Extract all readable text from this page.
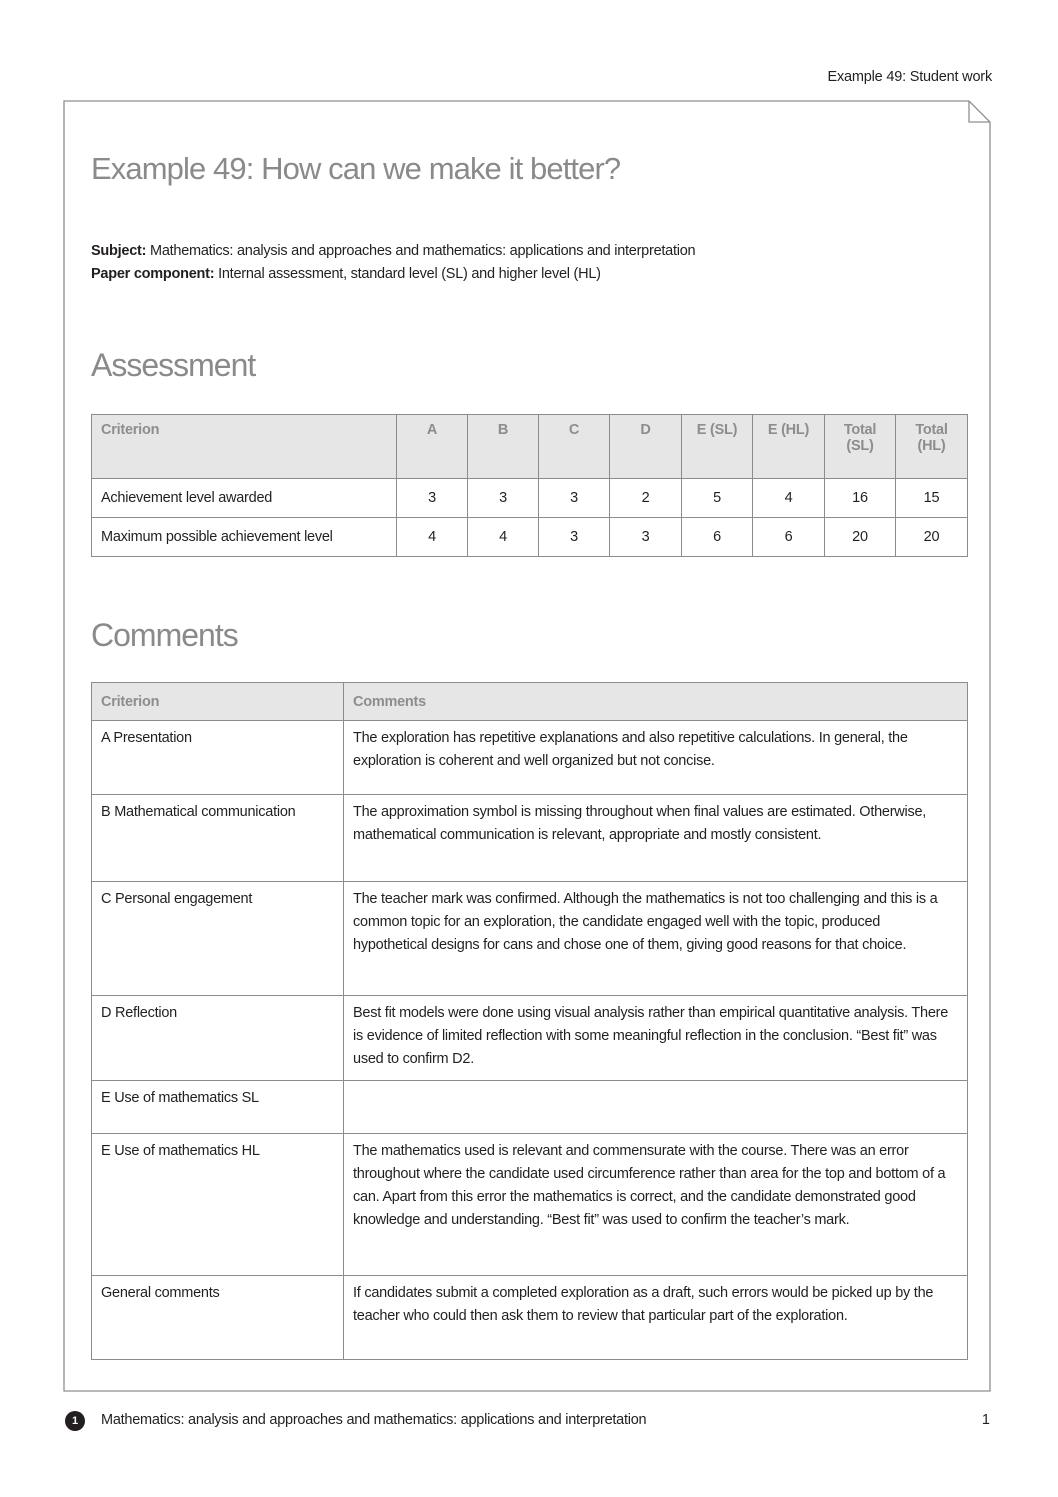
Example 49: Student work
Example 49: How can we make it better?
Subject: Mathematics: analysis and approaches and mathematics: applications and interpretation
Paper component: Internal assessment, standard level (SL) and higher level (HL)
Assessment
Criterion	A	B	C	D	E (SL)	E (HL)	Total (SL)	Total (HL)
Achievement level awarded	3	3	3	2	5	4	16	15
Maximum possible achievement level	4	4	3	3	6	6	20	20
Comments
Criterion	Comments
A Presentation	The exploration has repetitive explanations and also repetitive calculations. In general, the exploration is coherent and well organized but not concise.
B Mathematical communication	The approximation symbol is missing throughout when final values are estimated. Otherwise, mathematical communication is relevant, appropriate and mostly consistent.
C Personal engagement	The teacher mark was confirmed. Although the mathematics is not too challenging and this is a common topic for an exploration, the candidate engaged well with the topic, produced hypothetical designs for cans and chose one of them, giving good reasons for that choice.
D Reflection	Best fit models were done using visual analysis rather than empirical quantitative analysis. There is evidence of limited reflection with some meaningful reflection in the conclusion. “Best fit” was used to confirm D2.
E Use of mathematics SL	
E Use of mathematics HL	The mathematics used is relevant and commensurate with the course. There was an error throughout where the candidate used circumference rather than area for the top and bottom of a can. Apart from this error the mathematics is correct, and the candidate demonstrated good knowledge and understanding. “Best fit” was used to confirm the teacher’s mark.
General comments	If candidates submit a completed exploration as a draft, such errors would be picked up by the teacher who could then ask them to review that particular part of the exploration.
1	Mathematics: analysis and approaches and mathematics: applications and interpretation	1
